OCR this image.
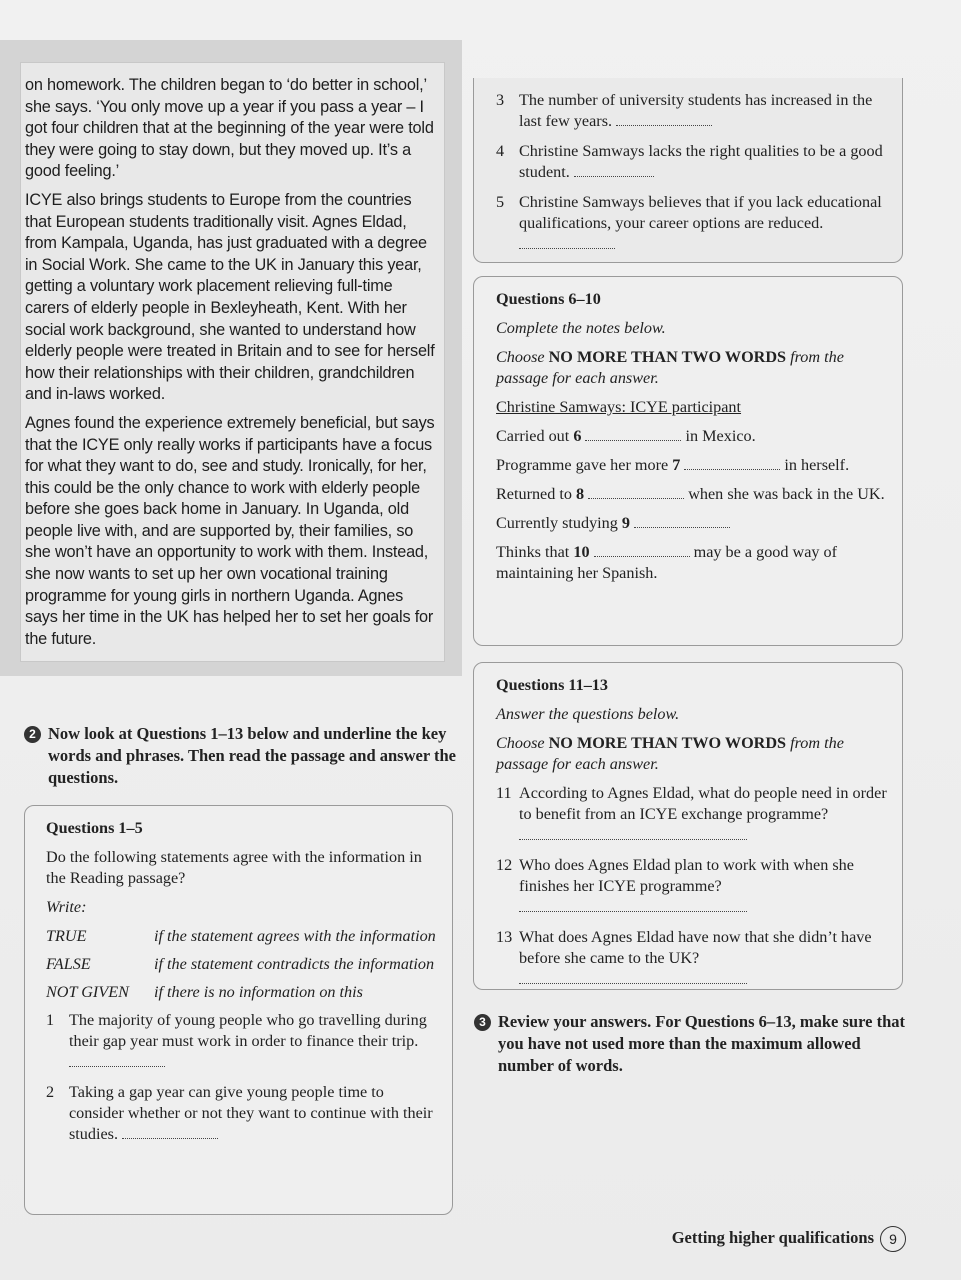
on homework. The children began to ‘do better in school,’ she says. ‘You only move up a year if you pass a year – I got four children that at the beginning of the year were told they were going to stay down, but they moved up. It’s a good feeling.’

ICYE also brings students to Europe from the countries that European students traditionally visit. Agnes Eldad, from Kampala, Uganda, has just graduated with a degree in Social Work. She came to the UK in January this year, getting a voluntary work placement relieving full-time carers of elderly people in Bexleyheath, Kent. With her social work background, she wanted to understand how elderly people were treated in Britain and to see for herself how their relationships with their children, grandchildren and in-laws worked.

Agnes found the experience extremely beneficial, but says that the ICYE only really works if participants have a focus for what they want to do, see and study. Ironically, for her, this could be the only chance to work with elderly people before she goes back home in January. In Uganda, old people live with, and are supported by, their families, so she won’t have an opportunity to work with them. Instead, she now wants to set up her own vocational training programme for young girls in northern Uganda. Agnes says her time in the UK has helped her to set her goals for the future.

3 The number of university students has increased in the last few years.
4 Christine Samways lacks the right qualities to be a good student.
5 Christine Samways believes that if you lack educational qualifications, your career options are reduced.

Questions 6–10

Complete the notes below.

Choose NO MORE THAN TWO WORDS from the passage for each answer.

Christine Samways: ICYE participant

Carried out 6	in Mexico.

Programme gave her more 7	in herself.

Returned to 8	when she was back in the UK.

Currently studying 9

Thinks that 10	may be a good way of maintaining her Spanish.

Questions 11–13

Answer the questions below.

Choose NO MORE THAN TWO WORDS from the passage for each answer.

11 According to Agnes Eldad, what do people need in order to benefit from an ICYE exchange programme?
12 Who does Agnes Eldad plan to work with when she finishes her ICYE programme?

13 What does Agnes Eldad have now that she didn’t have before she came to the UK?

2 Now look at Questions 1–13 below and underline the key words and phrases. Then read the passage and answer the questions.
3 Review your answers. For Questions 6–13, make sure that you have not used more than the maximum allowed number of words.

Questions 1–5

Do the following statements agree with the information in the Reading passage?

Write:

TRUE	if the statement agrees with the information
FALSE	if the statement contradicts the information
NOT GIVEN if there is no information on this
1 The majority of young people who go travelling during their gap year must work in order to finance their trip.
2 Taking a gap year can give young people time to consider whether or not they want to continue with their studies.
Getting higher qualifications	9
